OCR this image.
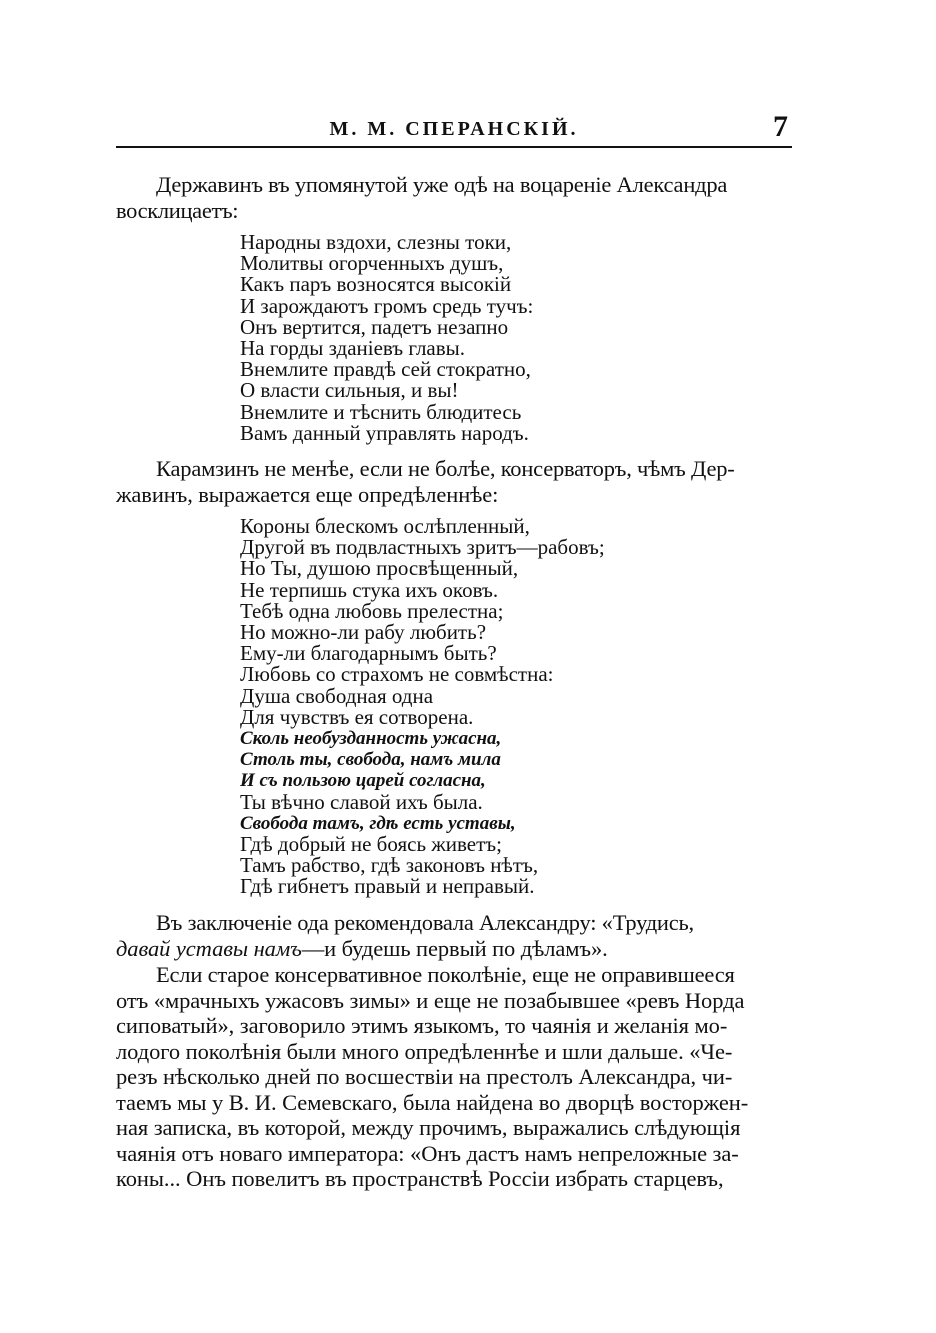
М. М. СПЕРАНСКІЙ.	7

Державинъ въ упомянутой уже одѣ на воцареніе Александра
восклицаетъ:

Народны вздохи, слезны токи,
Молитвы огорченныхъ душъ,
Какъ паръ возносятся высокій
И зарождаютъ громъ средь тучъ:
Онъ вертится, падетъ незапно
На горды зданіевъ главы.
Внемлите правдѣ сей стократно,
О власти сильныя, и вы!
Внемлите и тѣснить блюдитесь
Вамъ данный управлять народъ.

Карамзинъ не менѣе, если не болѣе, консерваторъ, чѣмъ Дер-
жавинъ, выражается еще опредѣленнѣе:

Короны блескомъ ослѣпленный,
Другой въ подвластныхъ зритъ—рабовъ;
Но Ты, душою просвѣщенный,
Не терпишь стука ихъ оковъ.
Тебѣ одна любовь прелестна;
Но можно-ли рабу любить?
Ему-ли благодарнымъ быть?
Любовь со страхомъ не совмѣстна:
Душа свободная одна
Для чувствъ ея сотворена.
Сколь необузданность ужасна,
Столь ты, свобода, намъ мила
И съ пользою царей согласна,
Ты вѣчно славой ихъ была.
Свобода тамъ, гдѣ есть уставы,
Гдѣ добрый не боясь живетъ;
Тамъ рабство, гдѣ законовъ нѣтъ,
Гдѣ гибнетъ правый и неправый.

Въ заключеніе ода рекомендовала Александру: «Трудись,
давай уставы намъ—и будешь первый по дѣламъ».

Если старое консервативное поколѣніе, еще не оправившееся
отъ «мрачныхъ ужасовъ зимы» и еще не позабывшее «ревъ Норда
сиповатый», заговорило этимъ языкомъ, то чаянія и желанія мо-
лодого поколѣнія были много опредѣленнѣе и шли дальше. «Че-
резъ нѣсколько дней по восшествіи на престолъ Александра, чи-
таемъ мы у В. И. Семевскаго, была найдена во дворцѣ восторжен-
ная записка, въ которой, между прочимъ, выражались слѣдующія
чаянія отъ новаго императора: «Онъ дастъ намъ непреложные за-
коны... Онъ повелитъ въ пространствѣ Россіи избрать старцевъ,
